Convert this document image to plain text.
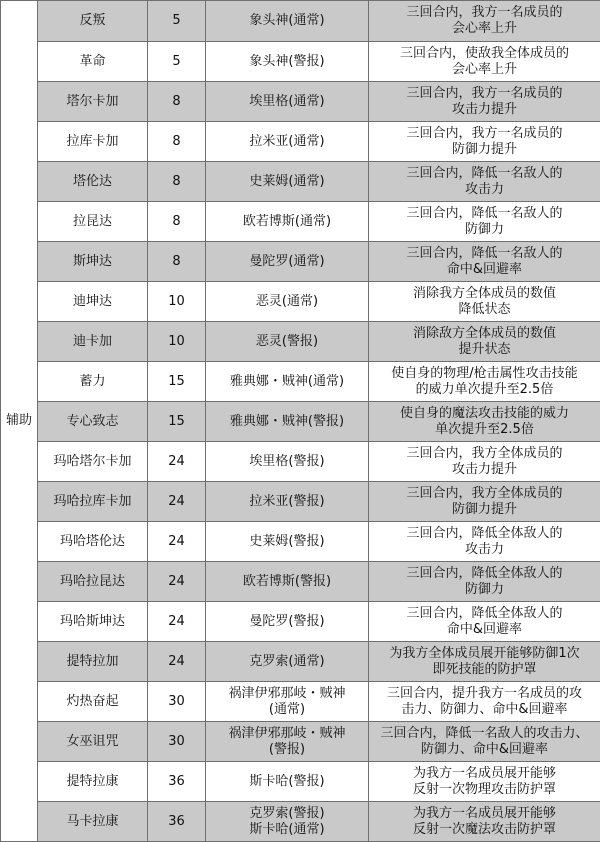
辅助	反叛	5	象头神(通常)	三回合内，我方一名成员的
会心率上升
	革命	5	象头神(警报)	三回合内，使敌我全体成员的
会心率上升
	塔尔卡加	8	埃里格(通常)	三回合内，我方一名成员的
攻击力提升
	拉库卡加	8	拉米亚(通常)	三回合内，我方一名成员的
防御力提升
	塔伦达	8	史莱姆(通常)	三回合内，降低一名敌人的
攻击力
	拉昆达	8	欧若博斯(通常)	三回合内，降低一名敌人的
防御力
	斯坤达	8	曼陀罗(通常)	三回合内，降低一名敌人的
命中&回避率
	迪坤达	10	恶灵(通常)	消除我方全体成员的数值
降低状态
	迪卡加	10	恶灵(警报)	消除敌方全体成员的数值
提升状态
	蓄力	15	雅典娜・贼神(通常)	使自身的物理/枪击属性攻击技能
的威力单次提升至2.5倍
	专心致志	15	雅典娜・贼神(警报)	使自身的魔法攻击技能的威力
单次提升至2.5倍
	玛哈塔尔卡加	24	埃里格(警报)	三回合内，我方全体成员的
攻击力提升
	玛哈拉库卡加	24	拉米亚(警报)	三回合内，我方全体成员的
防御力提升
	玛哈塔伦达	24	史莱姆(警报)	三回合内，降低全体敌人的
攻击力
	玛哈拉昆达	24	欧若博斯(警报)	三回合内，降低全体敌人的
防御力
	玛哈斯坤达	24	曼陀罗(警报)	三回合内，降低全体敌人的
命中&回避率
	提特拉加	24	克罗索(通常)	为我方全体成员展开能够防御1次
即死技能的防护罩
	灼热奋起	30	祸津伊邪那岐・贼神
(通常)	三回合内，提升我方一名成员的攻
击力、防御力、命中&回避率
	女巫诅咒	30	祸津伊邪那岐・贼神
(警报)	三回合内，降低一名敌人的攻击力、
防御力、命中&回避率
	提特拉康	36	斯卡哈(警报)	为我方一名成员展开能够
反射一次物理攻击防护罩
	马卡拉康	36	克罗索(警报)
斯卡哈(通常)	为我方一名成员展开能够
反射一次魔法攻击防护罩
